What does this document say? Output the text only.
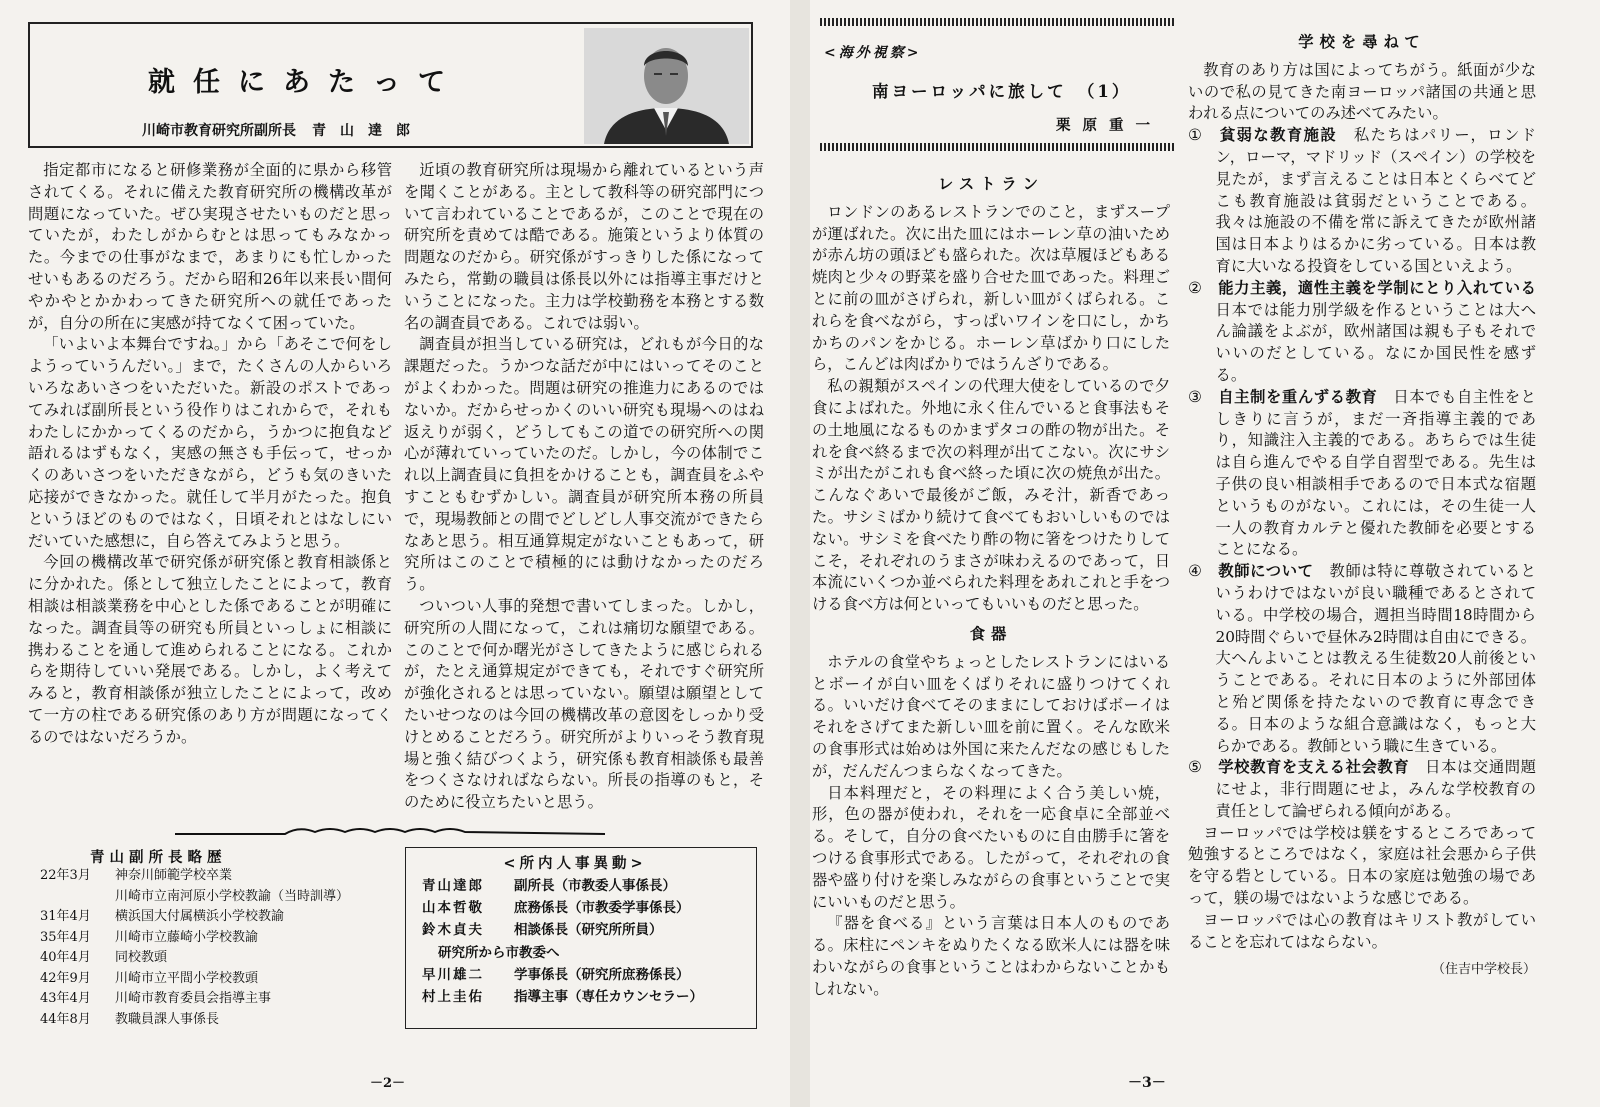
就任にあたって
川崎市教育研究所副所長 青山達郎

指定都市になると研修業務が全面的に県から移管されてくる。それに備えた教育研究所の機構改革が問題になっていた。ぜひ実現させたいものだと思っていたが，わたしがからむとは思ってもみなかった。今までの仕事がなまで，あまりにも忙しかったせいもあるのだろう。だから昭和26年以来長い間何やかやとかかわってきた研究所への就任であったが，自分の所在に実感が持てなくて困っていた。

「いよいよ本舞台ですね。」から「あそこで何をしようっていうんだい。」まで，たくさんの人からいろいろなあいさつをいただいた。新設のポストであってみれば副所長という役作りはこれからで，それもわたしにかかってくるのだから，うかつに抱負など語れるはずもなく，実感の無さも手伝って，せっかくのあいさつをいただきながら，どうも気のきいた応接ができなかった。就任して半月がたった。抱負というほどのものではなく，日頃それとはなしにいだいていた感想に，自ら答えてみようと思う。

今回の機構改革で研究係が研究係と教育相談係とに分かれた。係として独立したことによって，教育相談は相談業務を中心とした係であることが明確になった。調査員等の研究も所員といっしょに相談に携わることを通して進められることになる。これからを期待していい発展である。しかし，よく考えてみると，教育相談係が独立したことによって，改めて一方の柱である研究係のあり方が問題になってくるのではないだろうか。

近頃の教育研究所は現場から離れているという声を聞くことがある。主として教科等の研究部門について言われていることであるが，このことで現在の研究所を責めては酷である。施策というより体質の問題なのだから。研究係がすっきりした係になってみたら，常勤の職員は係長以外には指導主事だけということになった。主力は学校勤務を本務とする数名の調査員である。これでは弱い。

調査員が担当している研究は，どれもが今日的な課題だった。うかつな話だが中にはいってそのことがよくわかった。問題は研究の推進力にあるのではないか。だからせっかくのいい研究も現場へのはね返えりが弱く，どうしてもこの道での研究所への関心が薄れていっていたのだ。しかし，今の体制でこれ以上調査員に負担をかけることも，調査員をふやすこともむずかしい。調査員が研究所本務の所員で，現場教師との間でどしどし人事交流ができたらなあと思う。相互通算規定がないこともあって，研究所はこのことで積極的には動けなかったのだろう。

ついつい人事的発想で書いてしまった。しかし，研究所の人間になって，これは痛切な願望である。このことで何か曙光がさしてきたように感じられるが，たとえ通算規定ができても，それですぐ研究所が強化されるとは思っていない。願望は願望としてたいせつなのは今回の機構改革の意図をしっかり受けとめることだろう。研究所がよりいっそう教育現場と強く結びつくよう，研究係も教育相談係も最善をつくさなければならない。所長の指導のもと，そのために役立ちたいと思う。

青山副所長略歴
22年3月	神奈川師範学校卒業
川崎市立南河原小学校教諭（当時訓導）
31年4月	横浜国大付属横浜小学校教諭
35年4月	川崎市立藤崎小学校教諭
40年4月	同校教頭
42年9月	川崎市立平間小学校教頭
43年4月	川崎市教育委員会指導主事
44年8月	教職員課人事係長
<所内人事異動>
青山達郎	副所長（市教委人事係長）
山本哲敬	庶務係長（市教委学事係長）
鈴木貞夫	相談係長（研究所所員）
研究所から市教委へ
早川雄二	学事係長（研究所庶務係長）
村上圭佑	指導主事（専任カウンセラー）
－2－
<海外視察>
南ヨーロッパに旅して　（1）
栗原重一

レストラン

ロンドンのあるレストランでのこと，まずスープが運ばれた。次に出た皿にはホーレン草の油いためが赤ん坊の頭ほども盛られた。次は草履ほどもある焼肉と少々の野菜を盛り合せた皿であった。料理ごとに前の皿がさげられ，新しい皿がくばられる。これらを食べながら，すっぱいワインを口にし，かちかちのパンをかじる。ホーレン草ばかり口にしたら，こんどは肉ばかりではうんざりである。

私の親類がスペインの代理大使をしているので夕食によばれた。外地に永く住んでいると食事法もその土地風になるものかまずタコの酢の物が出た。それを食べ終るまで次の料理が出てこない。次にサシミが出たがこれも食べ終った頃に次の焼魚が出た。こんなぐあいで最後がご飯，みそ汁，新香であった。サシミばかり続けて食べてもおいしいものではない。サシミを食べたり酢の物に箸をつけたりしてこそ，それぞれのうまさが味わえるのであって，日本流にいくつか並べられた料理をあれこれと手をつける食べ方は何といってもいいものだと思った。

食器

ホテルの食堂やちょっとしたレストランにはいるとボーイが白い皿をくばりそれに盛りつけてくれる。いいだけ食べてそのままにしておけばボーイはそれをさげてまた新しい皿を前に置く。そんな欧米の食事形式は始めは外国に来たんだなの感じもしたが，だんだんつまらなくなってきた。

日本料理だと，その料理によく合う美しい焼，形，色の器が使われ，それを一応食卓に全部並べる。そして，自分の食べたいものに自由勝手に箸をつける食事形式である。したがって，それぞれの食器や盛り付けを楽しみながらの食事ということで実にいいものだと思う。

『器を食べる』という言葉は日本人のものである。床柱にペンキをぬりたくなる欧米人には器を味わいながらの食事ということはわからないことかもしれない。

学校を尋ねて

教育のあり方は国によってちがう。紙面が少ないので私の見てきた南ヨーロッパ諸国の共通と思われる点についてのみ述べてみたい。

①　 貧弱な教育施設　 私たちはパリー，ロンドン，ローマ，マドリッド（スペイン）の学校を見たが，まず言えることは日本とくらべてどこも教育施設は貧弱だということである。我々は施設の不備を常に訴えてきたが欧州諸国は日本よりはるかに劣っている。日本は教育に大いなる投資をしている国といえよう。

②　 能力主義，適性主義を学制にとり入れている　日本では能力別学級を作るということは大へん論議をよぶが，欧州諸国は親も子もそれでいいのだとしている。なにか国民性を感ずる。

③　 自主制を重んずる教育　 日本でも自主性をとしきりに言うが，まだ一斉指導主義的であり，知識注入主義的である。あちらでは生徒は自ら進んでやる自学自習型である。先生は子供の良い相談相手であるので日本式な宿題というものがない。これには，その生徒一人一人の教育カルテと優れた教師を必要とすることになる。

④　 教師について　 教師は特に尊敬されているというわけではないが良い職種であるとされている。中学校の場合，週担当時間18時間から20時間ぐらいで昼休み2時間は自由にできる。大へんよいことは教える生徒数20人前後ということである。それに日本のように外部団体と殆ど関係を持たないので教育に専念できる。日本のような組合意識はなく，もっと大らかである。教師という職に生きている。

⑤　 学校教育を支える社会教育　 日本は交通問題にせよ，非行問題にせよ，みんな学校教育の責任として論ぜられる傾向がある。

ヨーロッパでは学校は躾をするところであって勉強するところではなく，家庭は社会悪から子供を守る砦としている。日本の家庭は勉強の場であって，躾の場ではないような感じである。

ヨーロッパでは心の教育はキリスト教がしていることを忘れてはならない。

（住吉中学校長）

－3－
